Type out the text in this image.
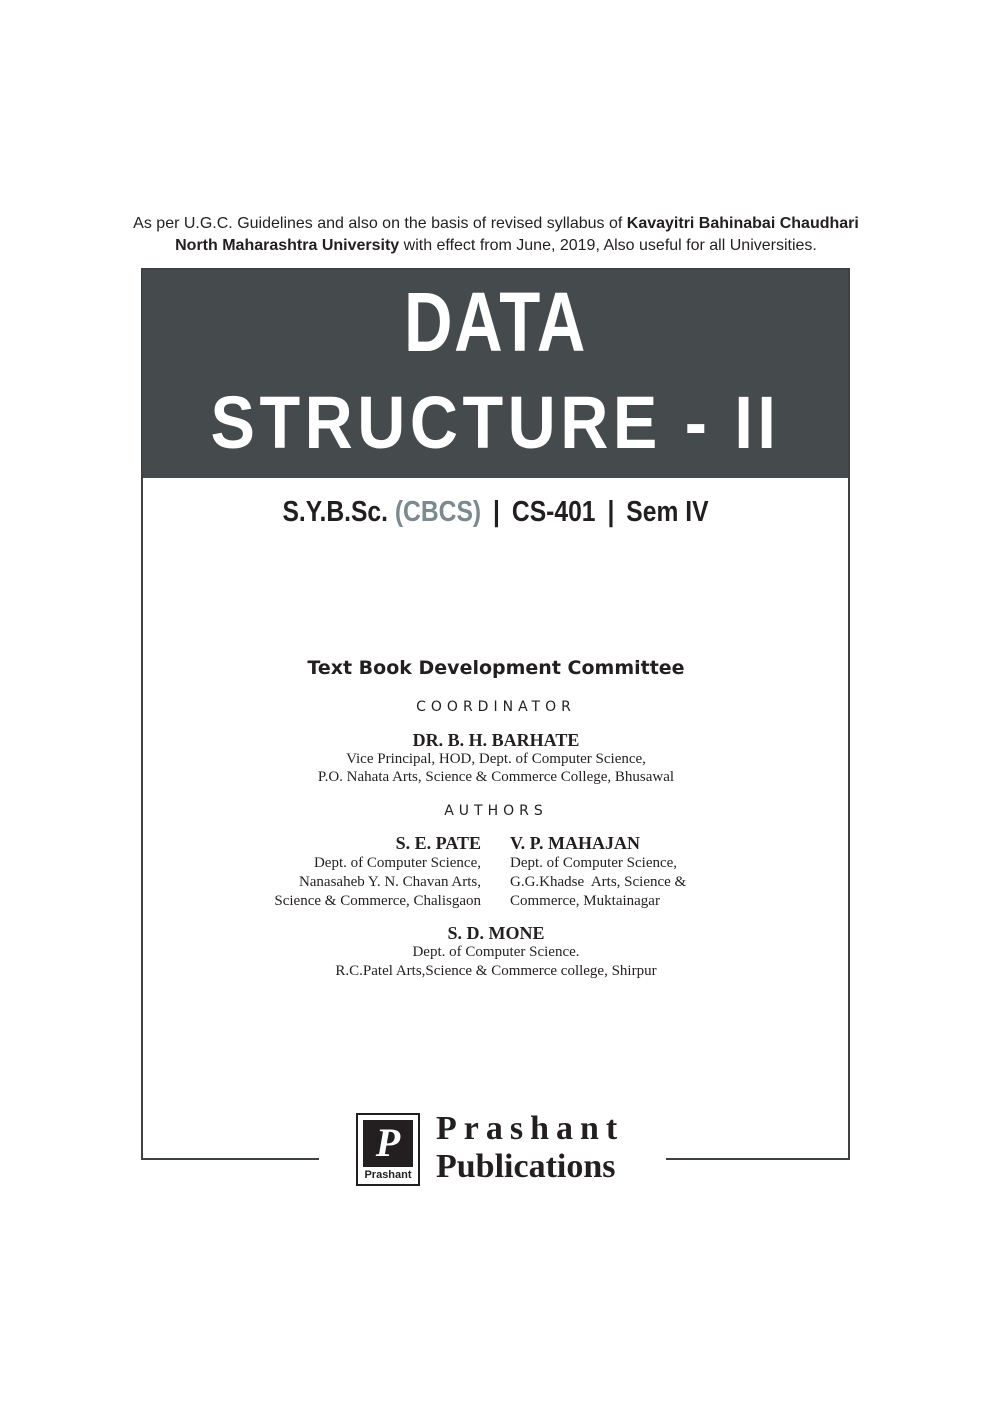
As per U.G.C. Guidelines and also on the basis of revised syllabus of Kavayitri Bahinabai Chaudhari
North Maharashtra University with effect from June, 2019, Also useful for all Universities.
DATA
STRUCTURE - II
S.Y.B.Sc. (CBCS) | CS-401 | Sem IV
Text Book Development Committee
COORDINATOR
DR. B. H. BARHATE
Vice Principal, HOD, Dept. of Computer Science,
P.O. Nahata Arts, Science & Commerce College, Bhusawal
AUTHORS
S. E. PATE
Dept. of Computer Science,
Nanasaheb Y. N. Chavan Arts,
Science & Commerce, Chalisgaon
V. P. MAHAJAN
Dept. of Computer Science,
G.G.Khadse  Arts, Science &
Commerce, Muktainagar
S. D. MONE
Dept. of Computer Science.
R.C.Patel Arts,Science & Commerce college, Shirpur
P
Prashant
Prashant
Publications
